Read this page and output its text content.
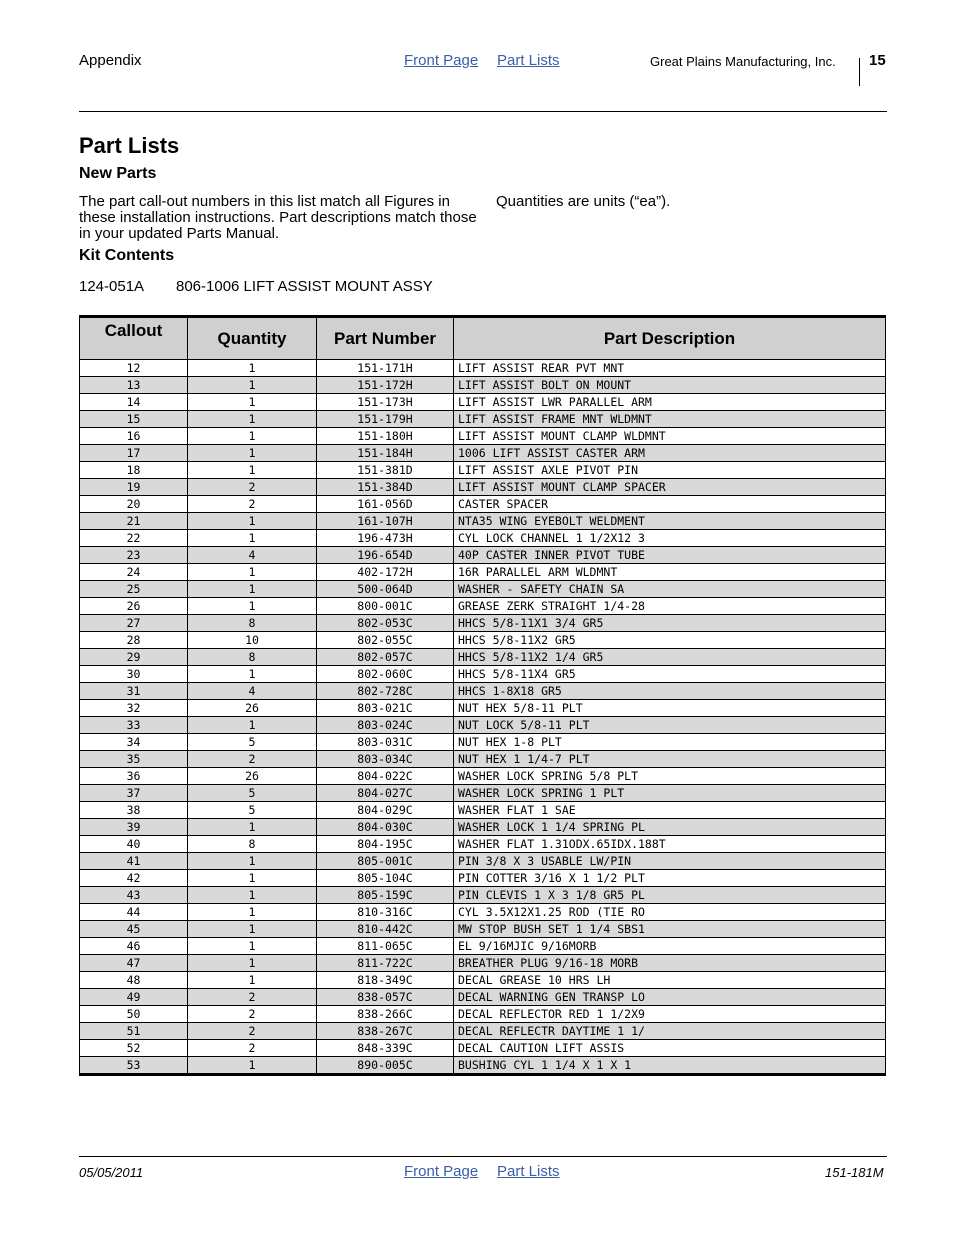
Appendix	Front Page Part Lists	Great Plains Manufacturing, Inc. 15
Part Lists
New Parts
The part call-out numbers in this list match all Figures in these installation instructions. Part descriptions match those in your updated Parts Manual.
Quantities are units (“ea”).
Kit Contents
124-051A 806-1006 LIFT ASSIST MOUNT ASSY
Callout	Quantity	Part Number	Part Description
12	1	151-171H	LIFT ASSIST REAR PVT MNT
13	1	151-172H	LIFT ASSIST BOLT ON MOUNT
14	1	151-173H	LIFT ASSIST LWR PARALLEL ARM
15	1	151-179H	LIFT ASSIST FRAME MNT WLDMNT
16	1	151-180H	LIFT ASSIST MOUNT CLAMP WLDMNT
17	1	151-184H	1006 LIFT ASSIST CASTER ARM
18	1	151-381D	LIFT ASSIST AXLE PIVOT PIN
19	2	151-384D	LIFT ASSIST MOUNT CLAMP SPACER
20	2	161-056D	CASTER SPACER
21	1	161-107H	NTA35 WING EYEBOLT WELDMENT
22	1	196-473H	CYL LOCK CHANNEL 1 1/2X12 3
23	4	196-654D	40P CASTER INNER PIVOT TUBE
24	1	402-172H	16R PARALLEL ARM WLDMNT
25	1	500-064D	WASHER - SAFETY CHAIN SA
26	1	800-001C	GREASE ZERK STRAIGHT 1/4-28
27	8	802-053C	HHCS 5/8-11X1 3/4 GR5
28	10	802-055C	HHCS 5/8-11X2 GR5
29	8	802-057C	HHCS 5/8-11X2 1/4 GR5
30	1	802-060C	HHCS 5/8-11X4 GR5
31	4	802-728C	HHCS 1-8X18 GR5
32	26	803-021C	NUT HEX 5/8-11 PLT
33	1	803-024C	NUT LOCK 5/8-11 PLT
34	5	803-031C	NUT HEX 1-8 PLT
35	2	803-034C	NUT HEX 1 1/4-7 PLT
36	26	804-022C	WASHER LOCK SPRING 5/8 PLT
37	5	804-027C	WASHER LOCK SPRING 1 PLT
38	5	804-029C	WASHER FLAT 1 SAE
39	1	804-030C	WASHER LOCK 1 1/4 SPRING PL
40	8	804-195C	WASHER FLAT 1.31ODX.65IDX.188T
41	1	805-001C	PIN 3/8 X 3 USABLE LW/PIN
42	1	805-104C	PIN COTTER 3/16 X 1 1/2 PLT
43	1	805-159C	PIN CLEVIS 1 X 3 1/8 GR5 PL
44	1	810-316C	CYL 3.5X12X1.25 ROD (TIE RO
45	1	810-442C	MW STOP BUSH SET 1 1/4 SBS1
46	1	811-065C	EL 9/16MJIC 9/16MORB
47	1	811-722C	BREATHER PLUG 9/16-18 MORB
48	1	818-349C	DECAL GREASE 10 HRS LH
49	2	838-057C	DECAL WARNING GEN TRANSP LO
50	2	838-266C	DECAL REFLECTOR RED 1 1/2X9
51	2	838-267C	DECAL REFLECTR DAYTIME 1 1/
52	2	848-339C	DECAL CAUTION LIFT ASSIS
53	1	890-005C	BUSHING CYL 1 1/4 X 1 X 1
05/05/2011	Front Page Part Lists	151-181M
